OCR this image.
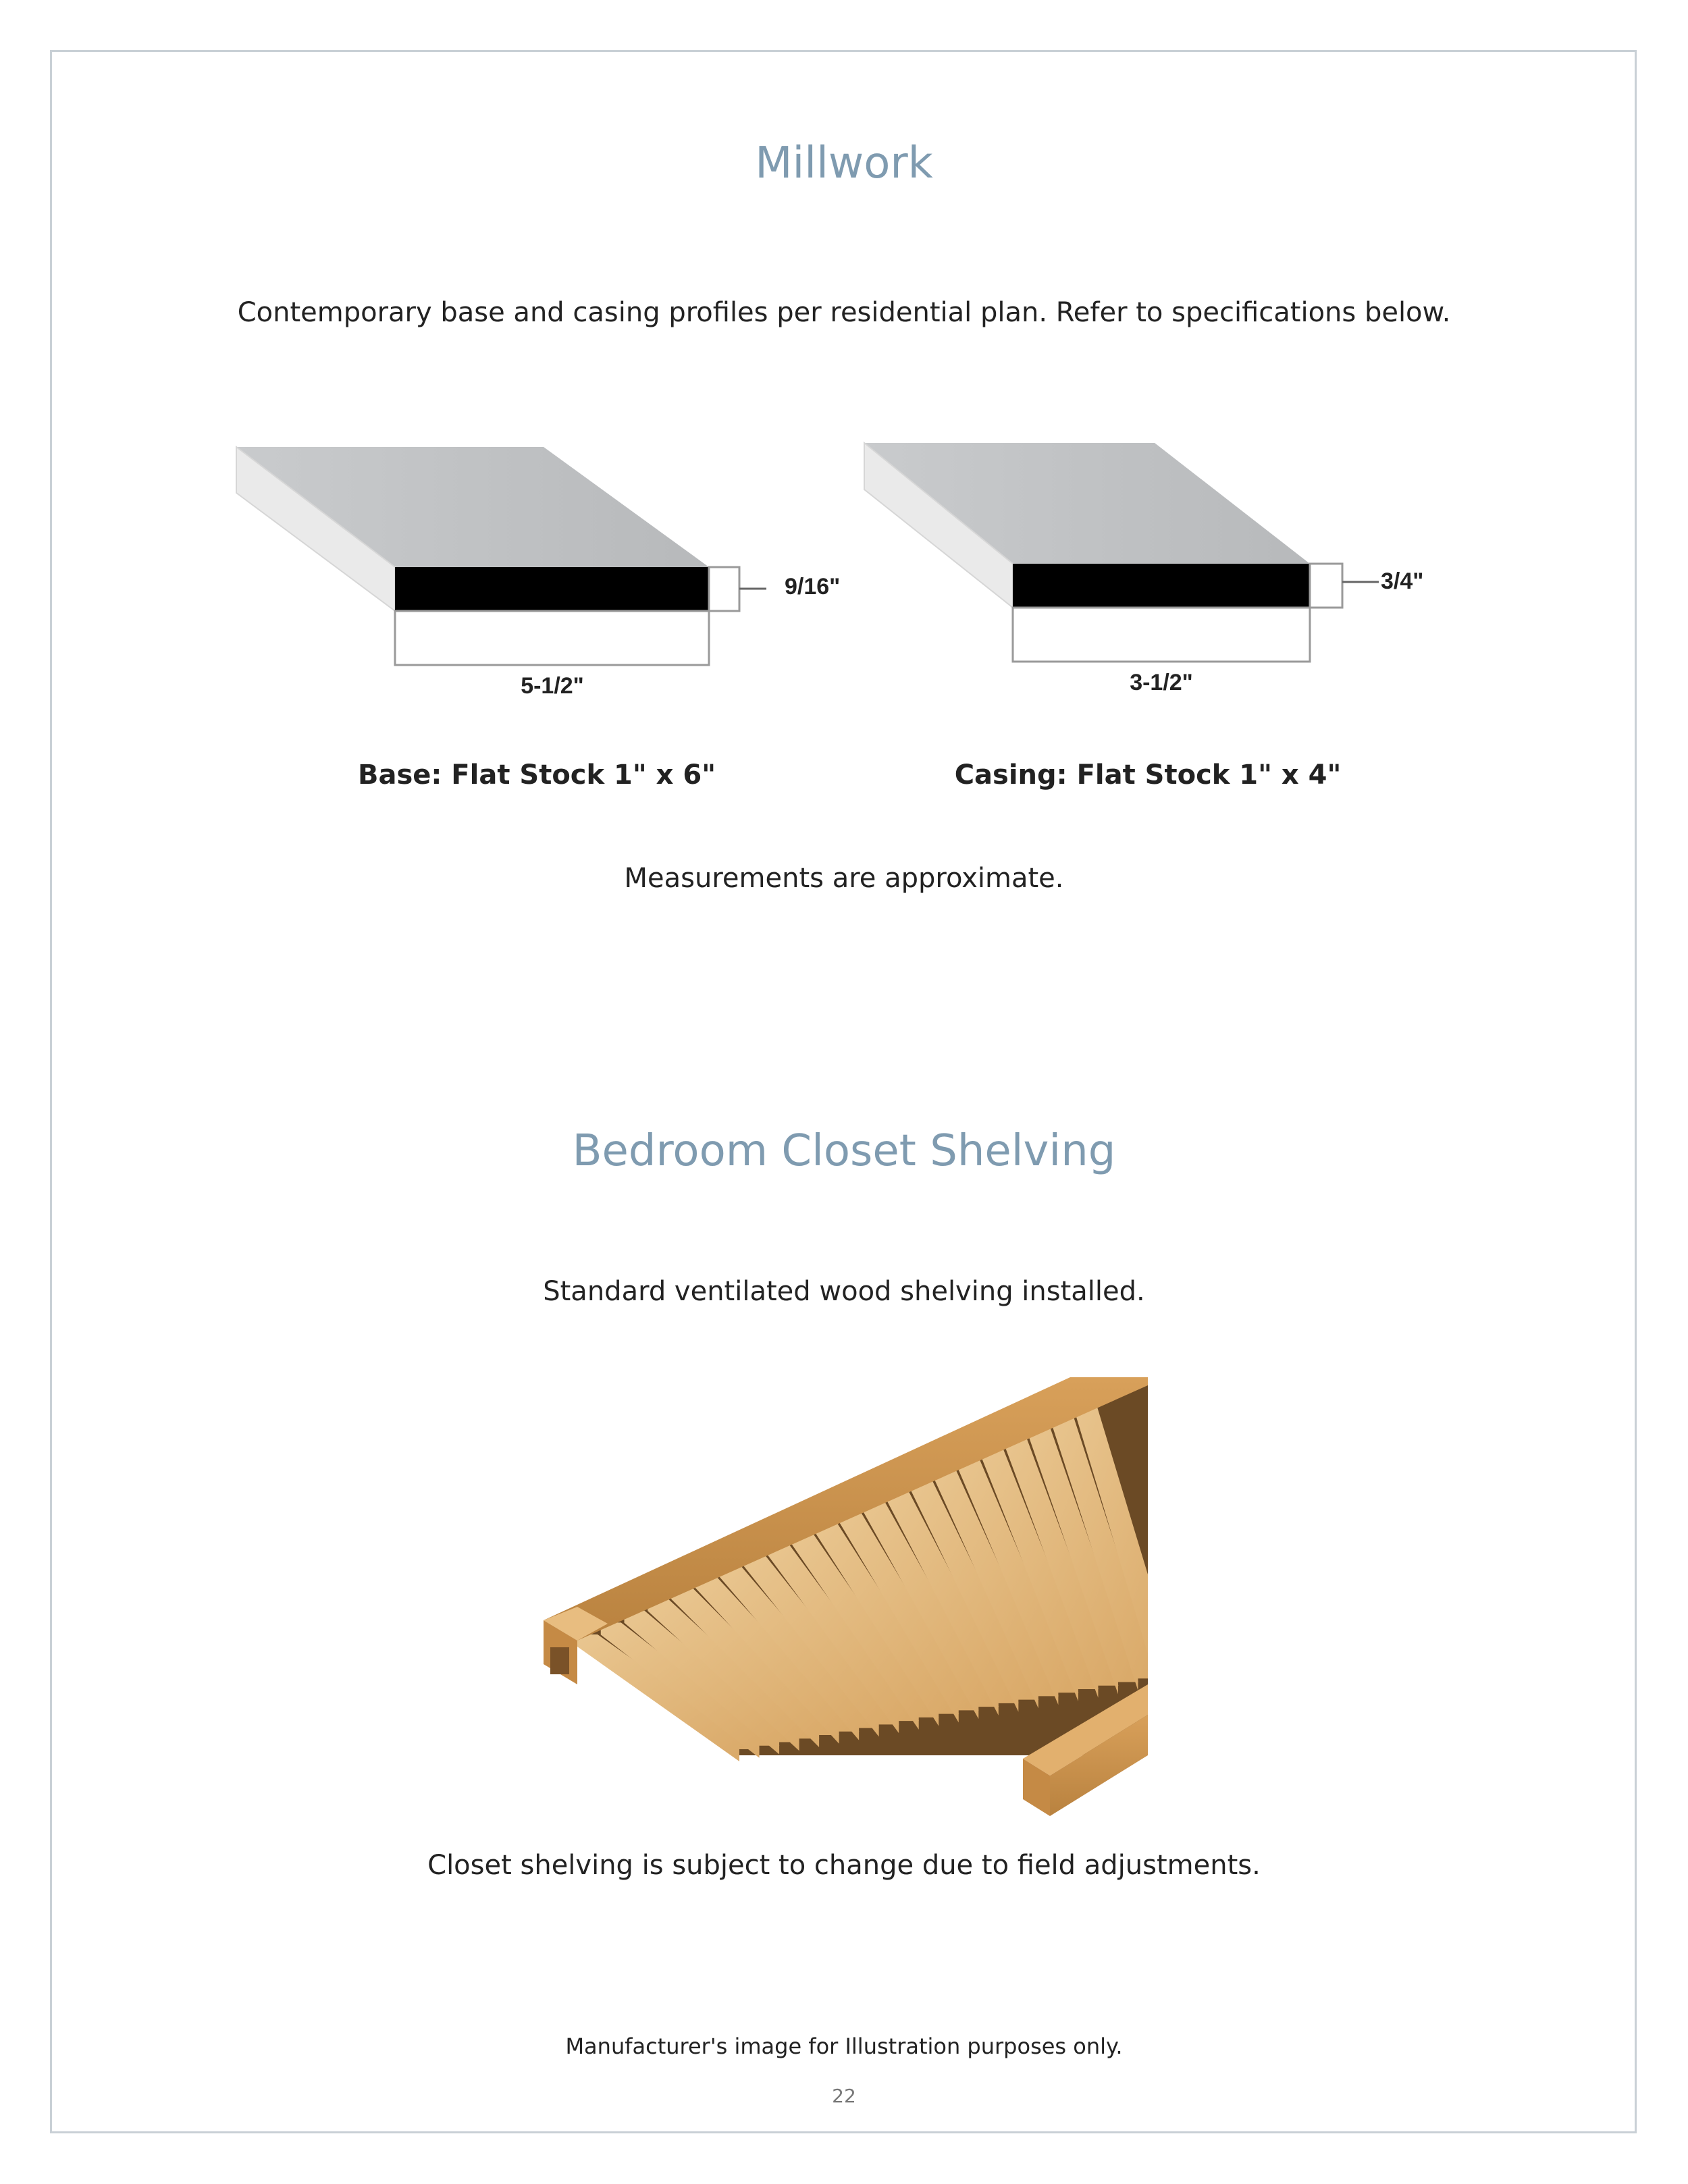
Millwork
Contemporary base and casing profiles per residential plan. Refer to specifications below.
9/16"
5-1/2"
3/4"
3-1/2"
Base: Flat Stock 1" x 6"	Casing: Flat Stock 1" x 4"
Measurements are approximate.
Bedroom Closet Shelving
Standard ventilated wood shelving installed.
Closet shelving is subject to change due to field adjustments.
Manufacturer's image for Illustration purposes only.
22
